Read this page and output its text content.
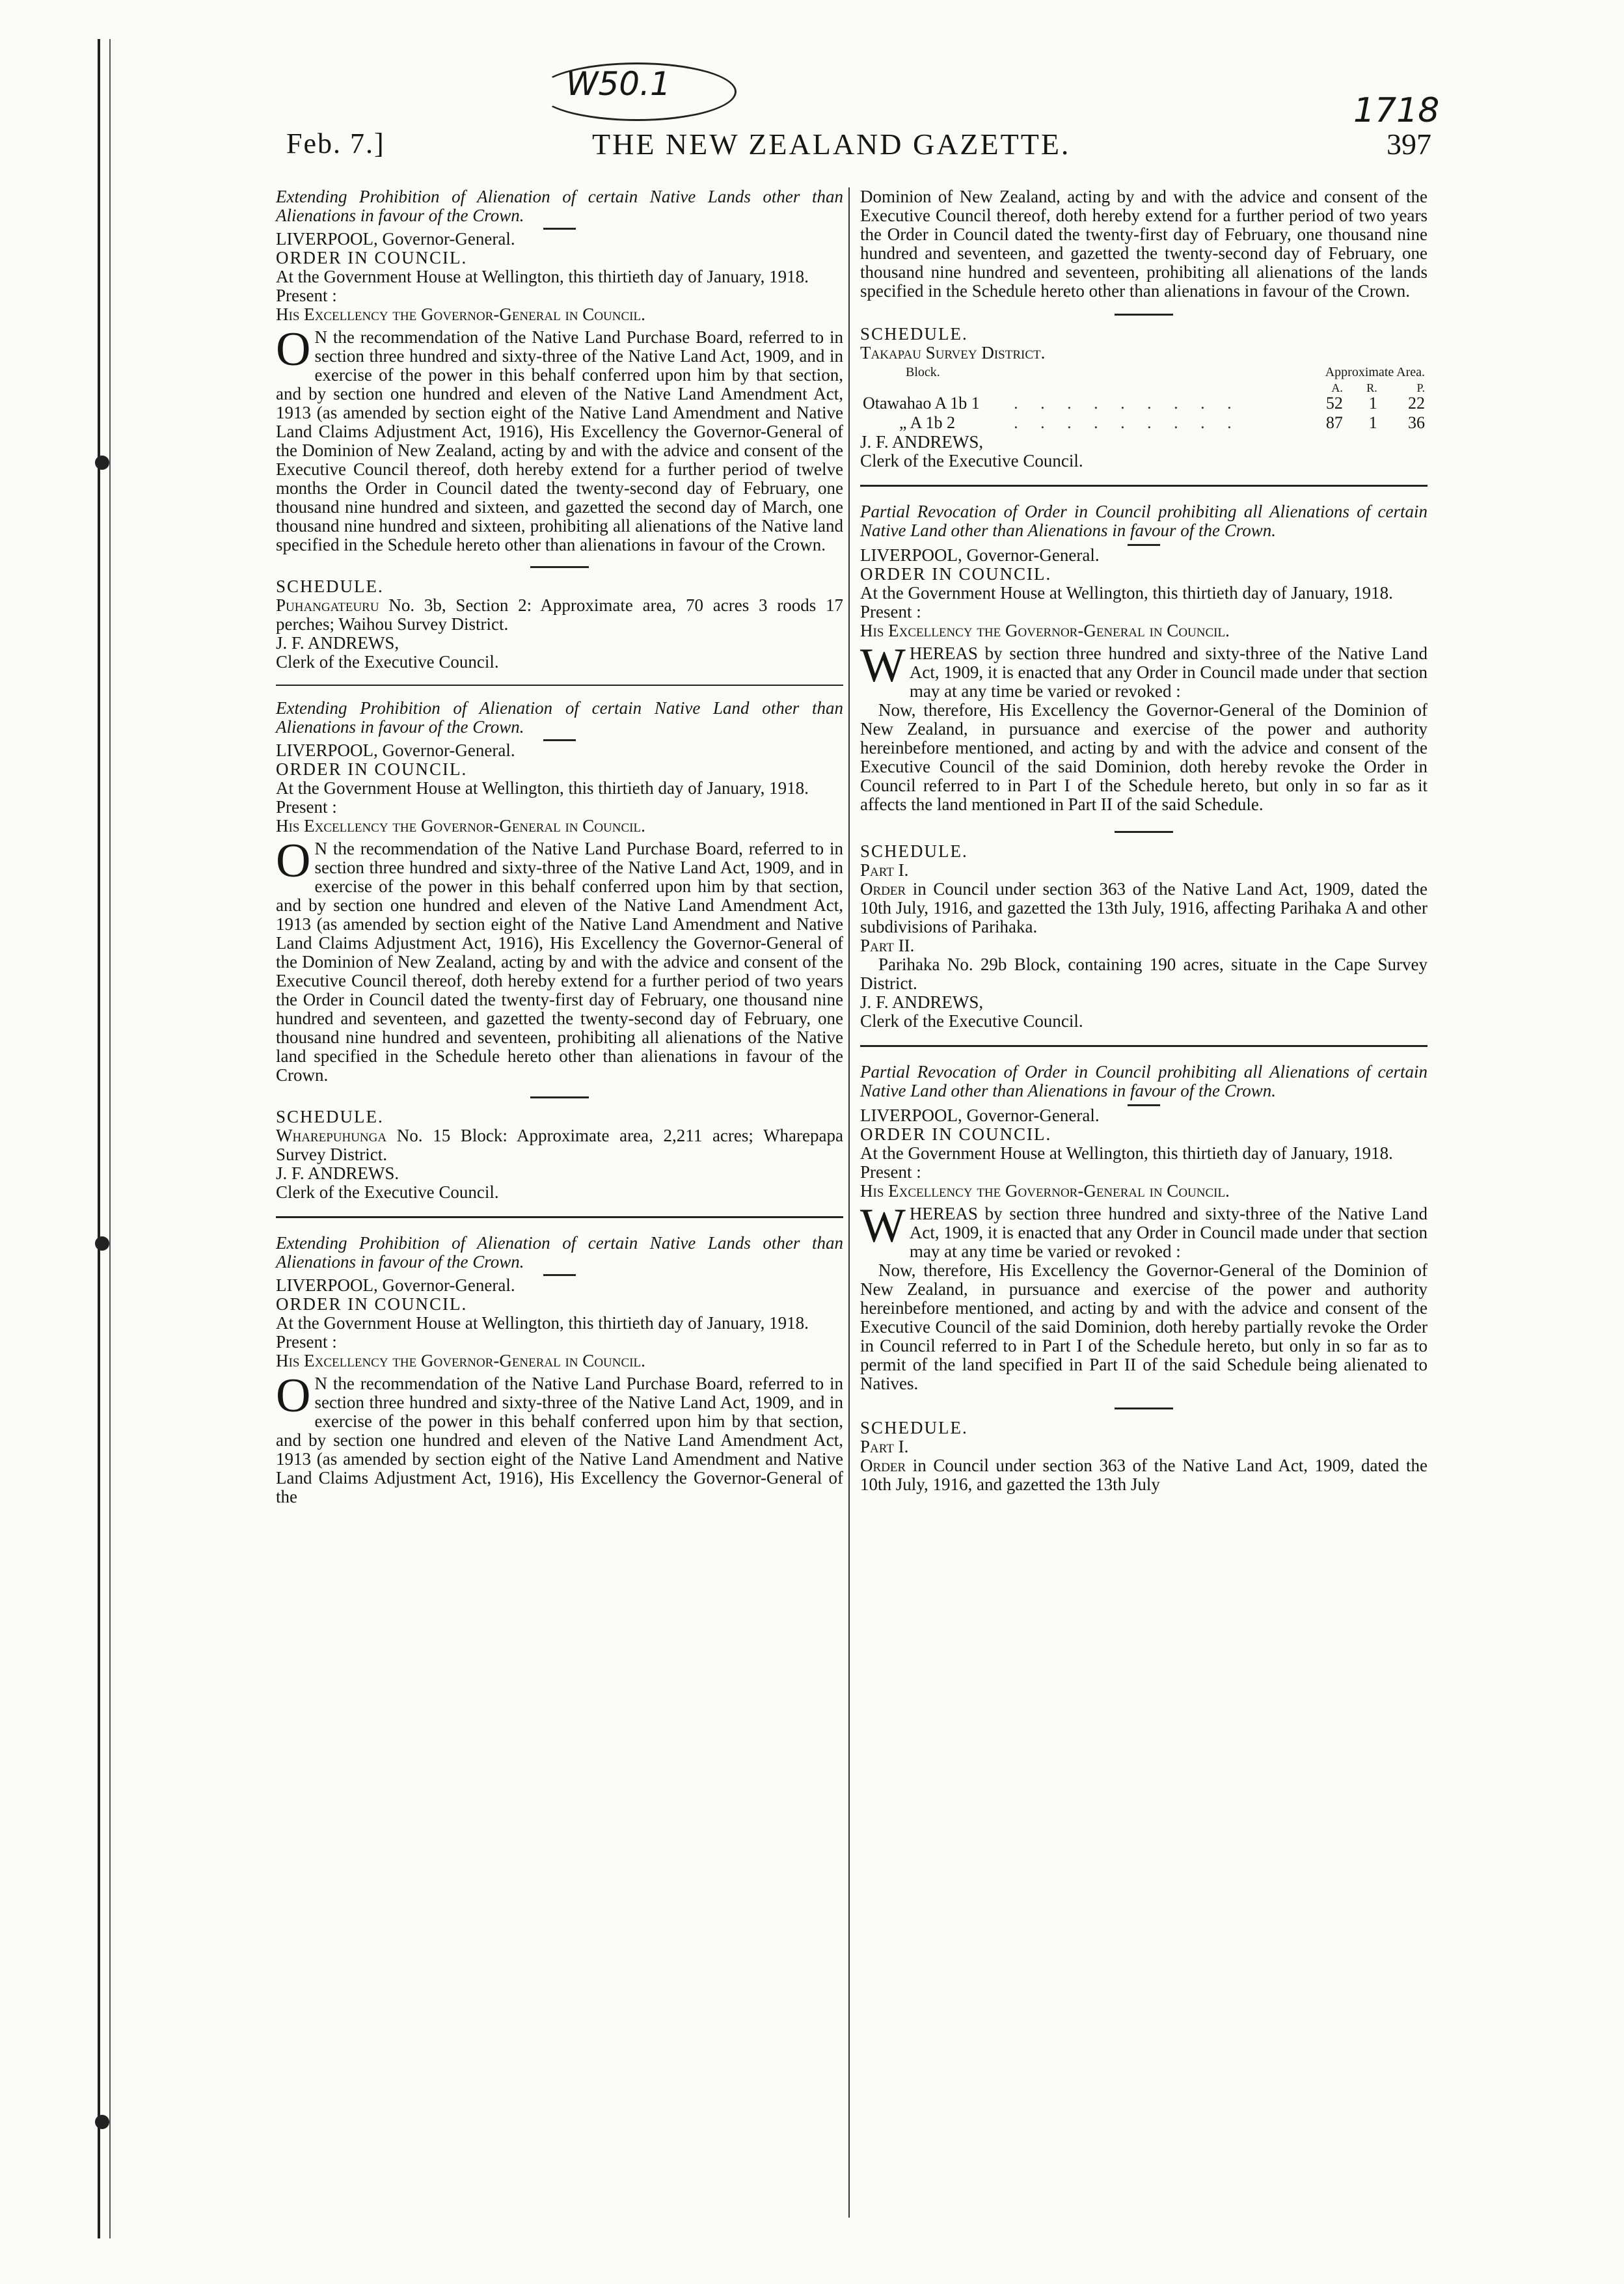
W50.1
1718
Feb. 7.]	THE NEW ZEALAND GAZETTE.	397

Extending Prohibition of Alienation of certain Native Lands other than Alienations in favour of the Crown.

LIVERPOOL, Governor-General.

ORDER IN COUNCIL.

At the Government House at Wellington, this thirtieth day of January, 1918.

Present :

His Excellency the Governor-General in Council.

O N the recommendation of the Native Land Purchase Board, referred to in section three hundred and sixty-three of the Native Land Act, 1909, and in exercise of the power in this behalf conferred upon him by that section, and by section one hundred and eleven of the Native Land Amendment Act, 1913 (as amended by section eight of the Native Land Amendment and Native Land Claims Adjustment Act, 1916), His Excellency the Governor-General of the Dominion of New Zealand, acting by and with the advice and consent of the Executive Council thereof, doth hereby extend for a further period of twelve months the Order in Council dated the twenty-second day of February, one thousand nine hundred and sixteen, and gazetted the second day of March, one thousand nine hundred and sixteen, prohibiting all alienations of the Native land specified in the Schedule hereto other than alienations in favour of the Crown.

SCHEDULE.

Puhangateuru No. 3b, Section 2: Approximate area, 70 acres 3 roods 17 perches; Waihou Survey District.

J. F. ANDREWS,

Clerk of the Executive Council.

Extending Prohibition of Alienation of certain Native Land other than Alienations in favour of the Crown.

LIVERPOOL, Governor-General.

ORDER IN COUNCIL.

At the Government House at Wellington, this thirtieth day of January, 1918.

Present :

His Excellency the Governor-General in Council.

O N the recommendation of the Native Land Purchase Board, referred to in section three hundred and sixty-three of the Native Land Act, 1909, and in exercise of the power in this behalf conferred upon him by that section, and by section one hundred and eleven of the Native Land Amendment Act, 1913 (as amended by section eight of the Native Land Amendment and Native Land Claims Adjustment Act, 1916), His Excellency the Governor-General of the Dominion of New Zealand, acting by and with the advice and consent of the Executive Council thereof, doth hereby extend for a further period of two years the Order in Council dated the twenty-first day of February, one thousand nine hundred and seventeen, and gazetted the twenty-second day of February, one thousand nine hundred and seventeen, prohibiting all alienations of the Native land specified in the Schedule hereto other than alienations in favour of the Crown.

SCHEDULE.

Wharepuhunga No. 15 Block: Approximate area, 2,211 acres; Wharepapa Survey District.

J. F. ANDREWS.

Clerk of the Executive Council.

Extending Prohibition of Alienation of certain Native Lands other than Alienations in favour of the Crown.

LIVERPOOL, Governor-General.

ORDER IN COUNCIL.

At the Government House at Wellington, this thirtieth day of January, 1918.

Present :

His Excellency the Governor-General in Council.

O N the recommendation of the Native Land Purchase Board, referred to in section three hundred and sixty-three of the Native Land Act, 1909, and in exercise of the power in this behalf conferred upon him by that section, and by section one hundred and eleven of the Native Land Amendment Act, 1913 (as amended by section eight of the Native Land Amendment and Native Land Claims Adjustment Act, 1916), His Excellency the Governor-General of the

Dominion of New Zealand, acting by and with the advice and consent of the Executive Council thereof, doth hereby extend for a further period of two years the Order in Council dated the twenty-first day of February, one thousand nine hundred and seventeen, and gazetted the twenty-second day of February, one thousand nine hundred and seventeen, prohibiting all alienations of the lands specified in the Schedule hereto other than alienations in favour of the Crown.

SCHEDULE.

Takapau Survey District.

Block.		Approximate Area.		
		A.	R.	P.
Otawahao A 1b 1	. . . . . . . . .	52	1	22
„ A 1b 2	. . . . . . . . .	87	1	36

J. F. ANDREWS,

Clerk of the Executive Council.

Partial Revocation of Order in Council prohibiting all Alienations of certain Native Land other than Alienations in favour of the Crown.

LIVERPOOL, Governor-General.

ORDER IN COUNCIL.

At the Government House at Wellington, this thirtieth day of January, 1918.

Present :

His Excellency the Governor-General in Council.

WHEREAS by section three hundred and sixty-three of the Native Land Act, 1909, it is enacted that any Order in Council made under that section may at any time be varied or revoked :

Now, therefore, His Excellency the Governor-General of the Dominion of New Zealand, in pursuance and exercise of the power and authority hereinbefore mentioned, and acting by and with the advice and consent of the Executive Council of the said Dominion, doth hereby revoke the Order in Council referred to in Part I of the Schedule hereto, but only in so far as it affects the land mentioned in Part II of the said Schedule.

SCHEDULE.

Part I.

Order in Council under section 363 of the Native Land Act, 1909, dated the 10th July, 1916, and gazetted the 13th July, 1916, affecting Parihaka A and other subdivisions of Parihaka.

Part II.

Parihaka No. 29b Block, containing 190 acres, situate in the Cape Survey District.

J. F. ANDREWS,

Clerk of the Executive Council.

Partial Revocation of Order in Council prohibiting all Alienations of certain Native Land other than Alienations in favour of the Crown.

LIVERPOOL, Governor-General.

ORDER IN COUNCIL.

At the Government House at Wellington, this thirtieth day of January, 1918.

Present :

His Excellency the Governor-General in Council.

WHEREAS by section three hundred and sixty-three of the Native Land Act, 1909, it is enacted that any Order in Council made under that section may at any time be varied or revoked :

Now, therefore, His Excellency the Governor-General of the Dominion of New Zealand, in pursuance and exercise of the power and authority hereinbefore mentioned, and acting by and with the advice and consent of the Executive Council of the said Dominion, doth hereby partially revoke the Order in Council referred to in Part I of the Schedule hereto, but only in so far as to permit of the land specified in Part II of the said Schedule being alienated to Natives.

SCHEDULE.

Part I.

Order in Council under section 363 of the Native Land Act, 1909, dated the 10th July, 1916, and gazetted the 13th July
